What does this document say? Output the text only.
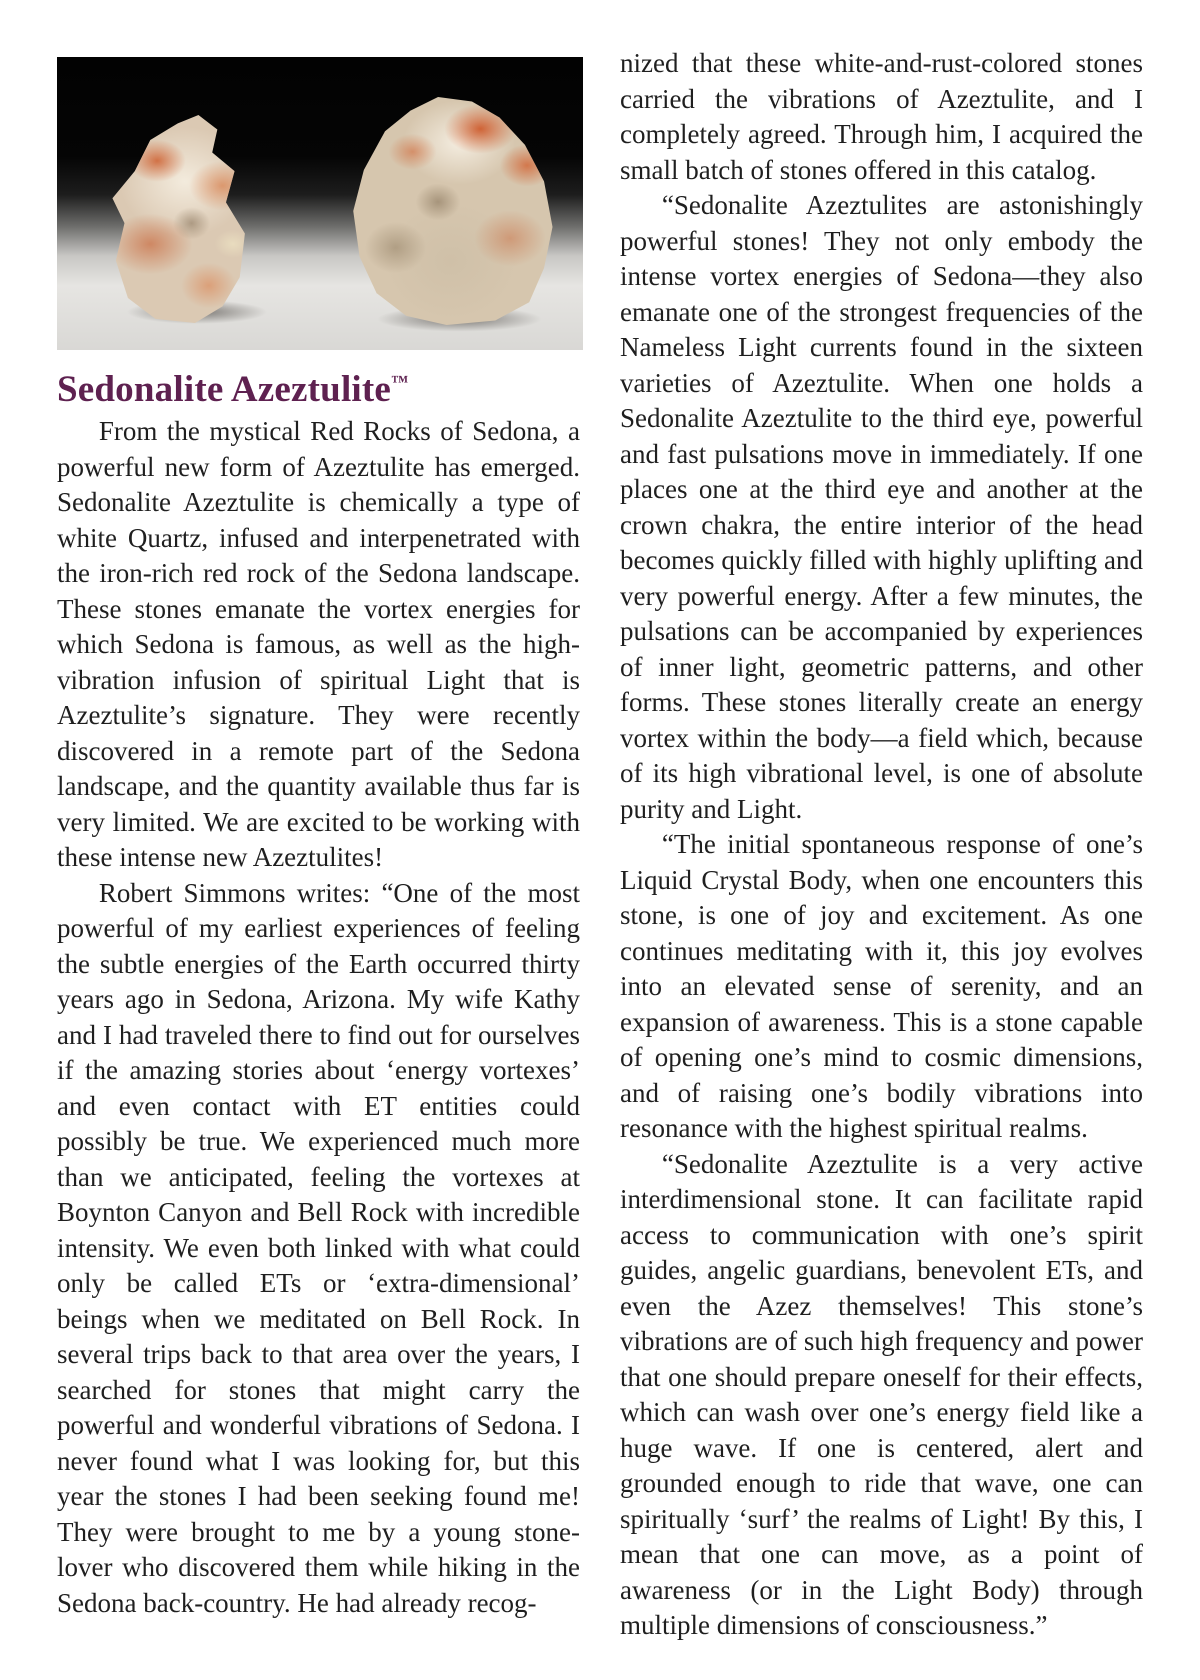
Sedonalite Azeztulite™

From the mystical Red Rocks of Sedona, a powerful new form of Azeztulite has emerged. Sedonalite Azeztulite is chemically a type of white Quartz, infused and interpenetrated with the iron-rich red rock of the Sedona landscape. These stones emanate the vortex energies for which Sedona is famous, as well as the high-vibration infusion of spiritual Light that is Azeztulite’s signature. They were recently discovered in a remote part of the Sedona landscape, and the quantity available thus far is very limited. We are excited to be working with these intense new Azeztulites!

Robert Simmons writes: “One of the most powerful of my earliest experiences of feeling the subtle energies of the Earth occurred thirty years ago in Sedona, Arizona. My wife Kathy and I had traveled there to find out for ourselves if the amazing stories about ‘energy vortexes’ and even contact with ET entities could possibly be true. We experienced much more than we anticipated, feeling the vortexes at Boynton Canyon and Bell Rock with incredible intensity. We even both linked with what could only be called ETs or ‘extra-dimensional’ beings when we meditated on Bell Rock. In several trips back to that area over the years, I searched for stones that might carry the powerful and wonderful vibrations of Sedona. I never found what I was looking for, but this year the stones I had been seeking found me! They were brought to me by a young stone-lover who discovered them while hiking in the Sedona back-country. He had already recog-

nized that these white-and-rust-colored stones carried the vibrations of Azeztulite, and I completely agreed. Through him, I acquired the small batch of stones offered in this catalog.

“Sedonalite Azeztulites are astonishingly powerful stones! They not only embody the intense vortex energies of Sedona—they also emanate one of the strongest frequencies of the Nameless Light currents found in the sixteen varieties of Azeztulite. When one holds a Sedonalite Azeztulite to the third eye, powerful and fast pulsations move in immediately. If one places one at the third eye and another at the crown chakra, the entire interior of the head becomes quickly filled with highly uplifting and very powerful energy. After a few minutes, the pulsations can be accompanied by experiences of inner light, geometric patterns, and other forms. These stones literally create an energy vortex within the body—a field which, because of its high vibrational level, is one of absolute purity and Light.

“The initial spontaneous response of one’s Liquid Crystal Body, when one encounters this stone, is one of joy and excitement. As one continues meditating with it, this joy evolves into an elevated sense of serenity, and an expansion of awareness. This is a stone capable of opening one’s mind to cosmic dimensions, and of raising one’s bodily vibrations into resonance with the highest spiritual realms.

“Sedonalite Azeztulite is a very active interdimensional stone. It can facilitate rapid access to communication with one’s spirit guides, angelic guardians, benevolent ETs, and even the Azez themselves! This stone’s vibrations are of such high frequency and power that one should prepare oneself for their effects, which can wash over one’s energy field like a huge wave. If one is centered, alert and grounded enough to ride that wave, one can spiritually ‘surf’ the realms of Light! By this, I mean that one can move, as a point of awareness (or in the Light Body) through multiple dimensions of consciousness.”
